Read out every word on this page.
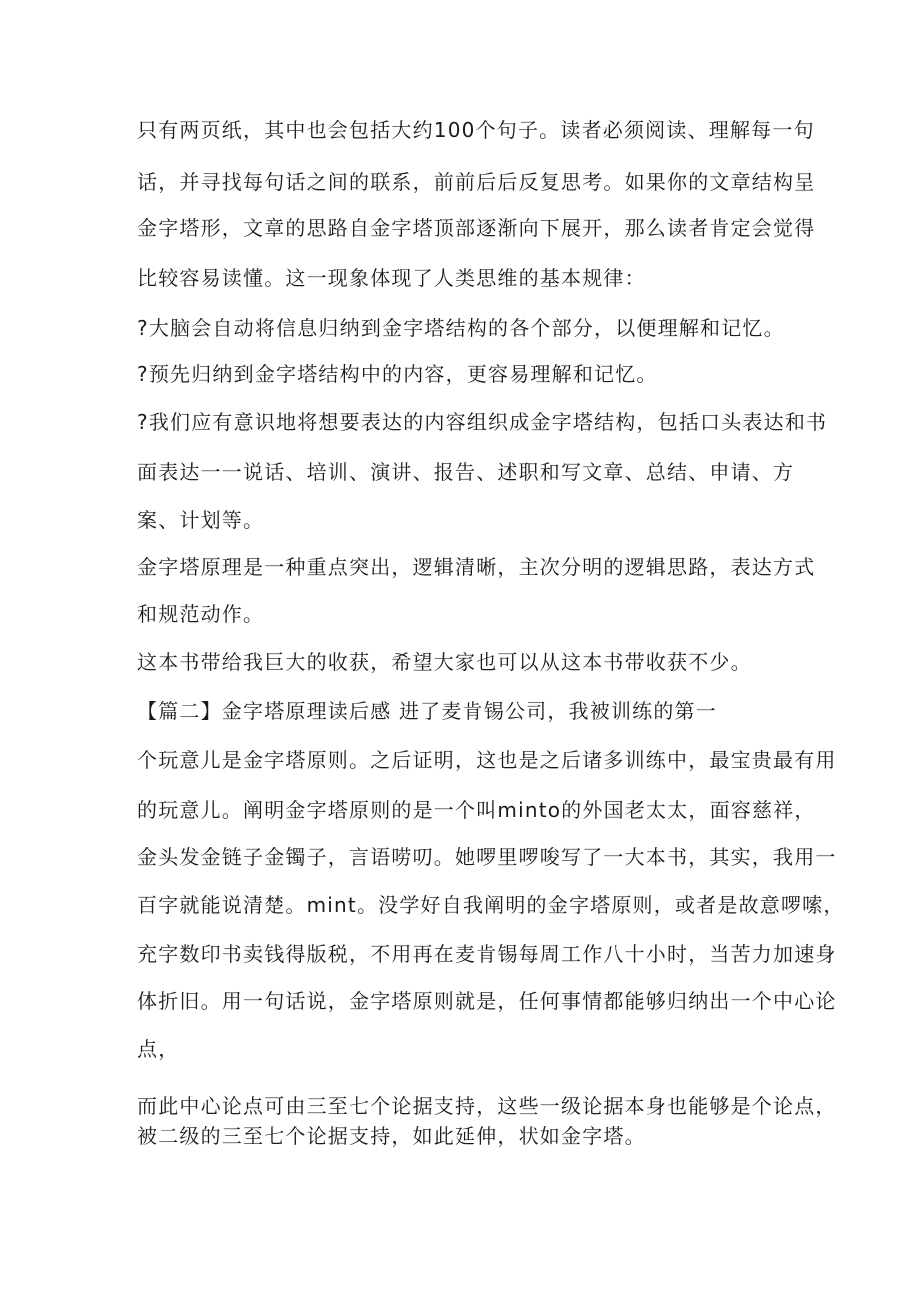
只有两页纸，其中也会包括大约100个句子。读者必须阅读、理解每一句

话，并寻找每句话之间的联系，前前后后反复思考。如果你的文章结构呈

金字塔形，文章的思路自金字塔顶部逐渐向下展开，那么读者肯定会觉得

比较容易读懂。这一现象体现了人类思维的基本规律：

?大脑会自动将信息归纳到金字塔结构的各个部分，以便理解和记忆。

?预先归纳到金字塔结构中的内容，更容易理解和记忆。

?我们应有意识地将想要表达的内容组织成金字塔结构，包括口头表达和书

面表达一一说话、培训、演讲、报告、述职和写文章、总结、申请、方

案、计划等。

金字塔原理是一种重点突出，逻辑清晰，主次分明的逻辑思路，表达方式

和规范动作。

这本书带给我巨大的收获，希望大家也可以从这本书带收获不少。

【篇二】金字塔原理读后感 进了麦肯锡公司，我被训练的第一

个玩意儿是金字塔原则。之后证明，这也是之后诸多训练中，最宝贵最有用

的玩意儿。阐明金字塔原则的是一个叫minto的外国老太太，面容慈祥，

金头发金链子金镯子，言语唠叨。她啰里啰唆写了一大本书，其实，我用一

百字就能说清楚。mint。没学好自我阐明的金字塔原则，或者是故意啰嗦，

充字数印书卖钱得版税，不用再在麦肯锡每周工作八十小时，当苦力加速身

体折旧。用一句话说，金字塔原则就是，任何事情都能够归纳出一个中心论

点，

而此中心论点可由三至七个论据支持，这些一级论据本身也能够是个论点，

被二级的三至七个论据支持，如此延伸，状如金字塔。
